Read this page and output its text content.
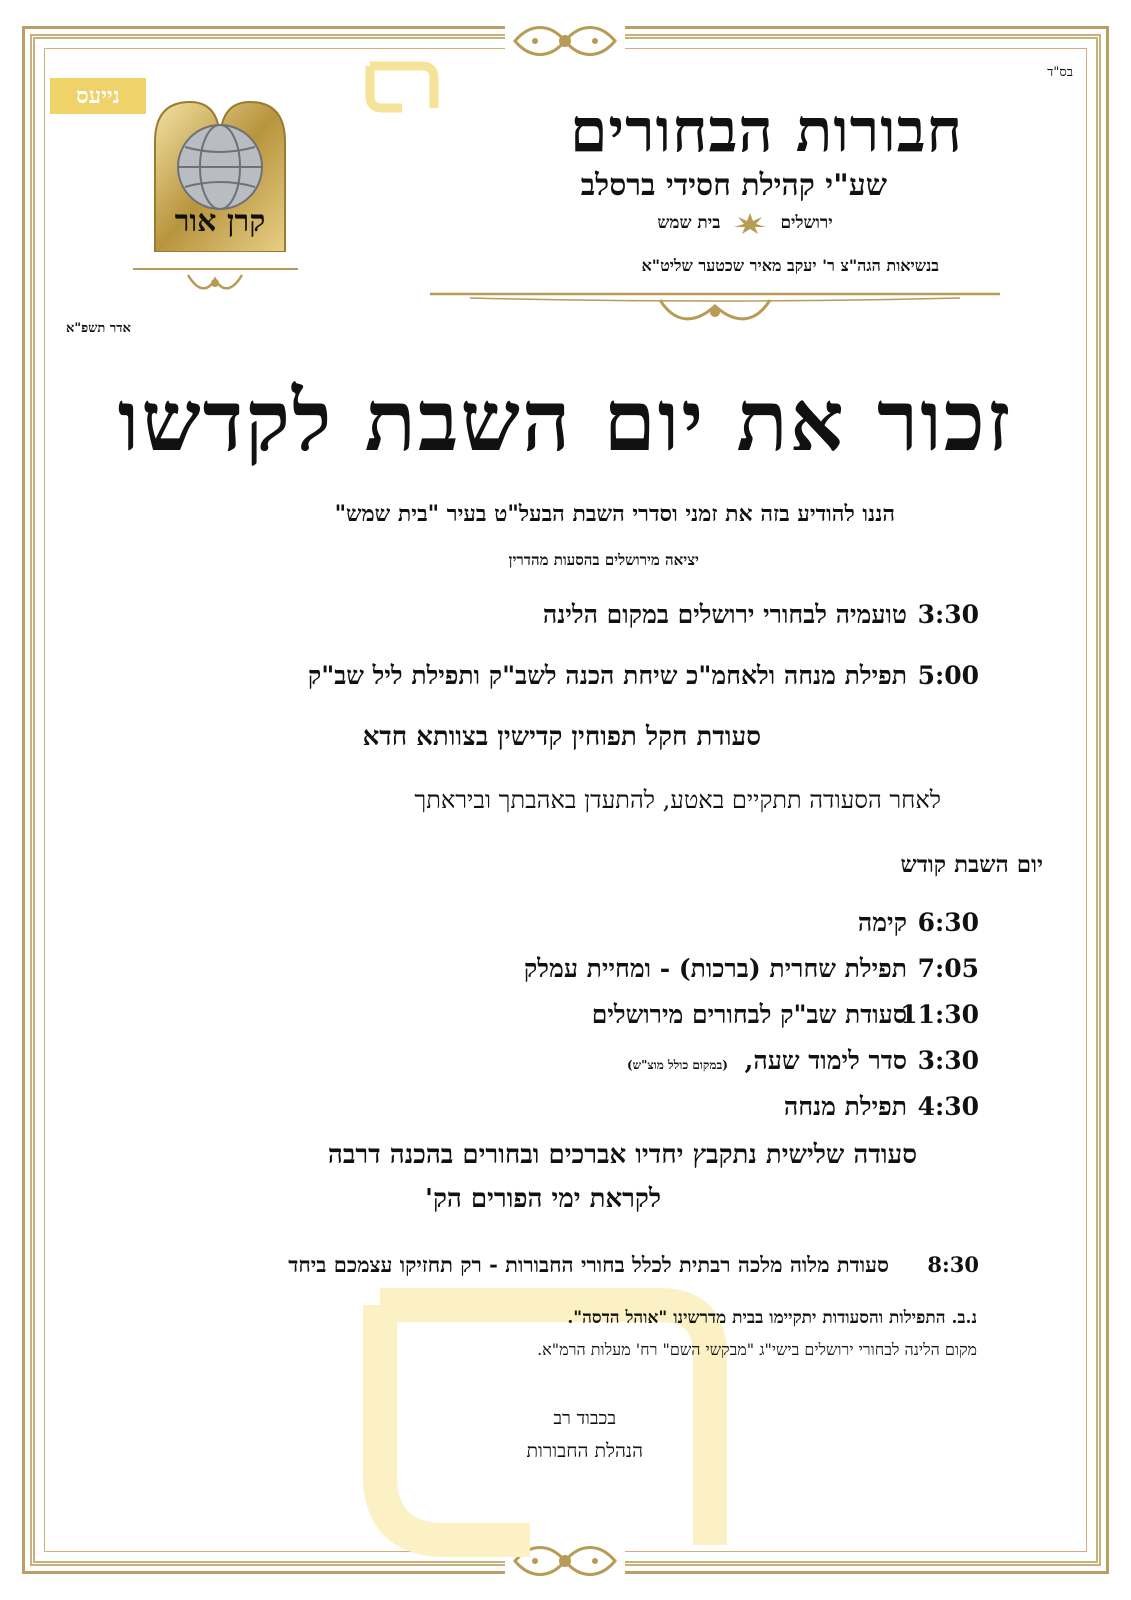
נייעס
קרן אור
בס"ד
חבורות הבחורים
שע"י קהילת חסידי ברסלב
ירושלים
בית שמש
בנשיאות הגה"צ ר' יעקב מאיר שכטער שליט"א
אדר תשפ"א
זכור את יום השבת לקדשו
הננו להודיע בזה את זמני וסדרי השבת הבעל"ט בעיר "בית שמש"
יציאה מירושלים בהסעות מהדרין
3:30טועמיה לבחורי ירושלים במקום הלינה
5:00תפילת מנחה ולאחמ"כ שיחת הכנה לשב"ק ותפילת ליל שב"ק
סעודת חקל תפוחין קדישין בצוותא חדא
לאחר הסעודה תתקיים באטע, להתעדן באהבתך וביראתך
יום השבת קודש
6:30קימה
7:05תפילת שחרית (ברכות) - ומחיית עמלק
11:30סעודת שב"ק לבחורים מירושלים
3:30סדר לימוד שעה, (במקום כולל מוצ"ש)
4:30תפילת מנחה
סעודה שלישית נתקבץ יחדיו אברכים ובחורים בהכנה דרבה
לקראת ימי הפורים הק'
8:30סעודת מלוה מלכה רבתית לכלל בחורי החבורות - רק תחזיקו עצמכם ביחד
נ.ב. התפילות והסעודות יתקיימו בבית מדרשינו "אוהל הדסה".
מקום הלינה לבחורי ירושלים בישי"ג "מבקשי השם" רח' מעלות הרמ"א.
בכבוד רב
הנהלת החבורות
